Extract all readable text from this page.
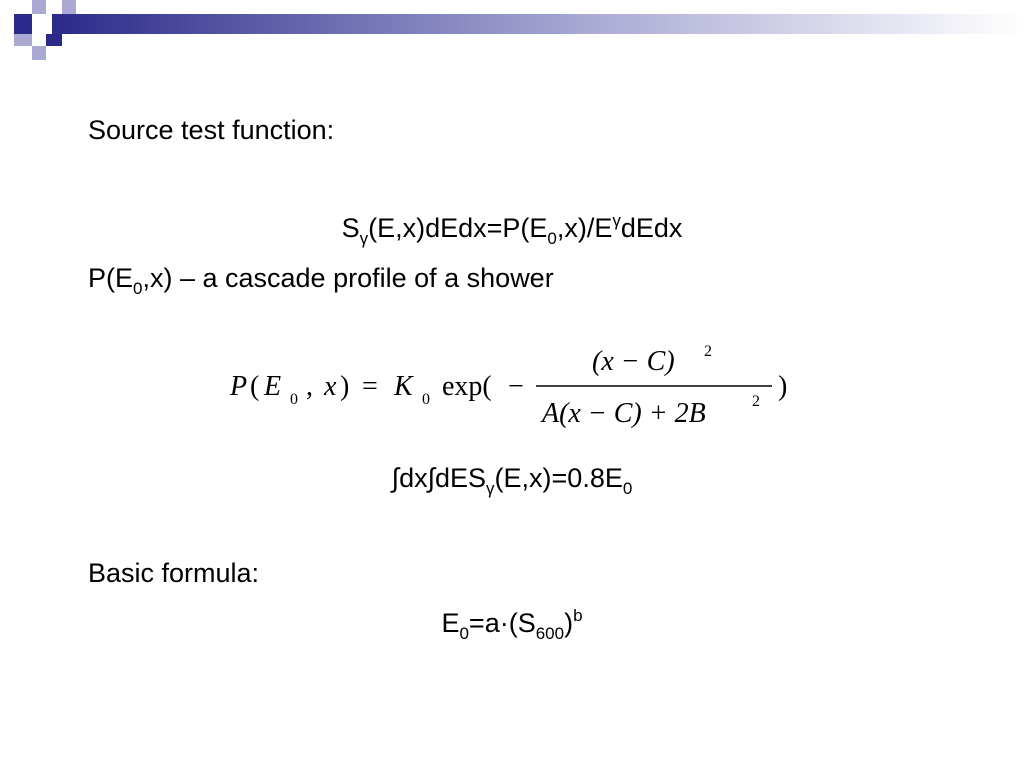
Source test function:
$S_\gamma(E,x)dEdx=P(E_0,x)/E^\gamma dEdx$
$P(E_0,x)$ – a cascade profile of a shower
P ( E 0 , x ) = K 0 exp( −
(x − C) 2
A(x − C) + 2B	2 )
$\int dx\int dES_\gamma(E,x)=0.8E_0$
Basic formula:
$E_0=a\cdot(S_{600})^b$
